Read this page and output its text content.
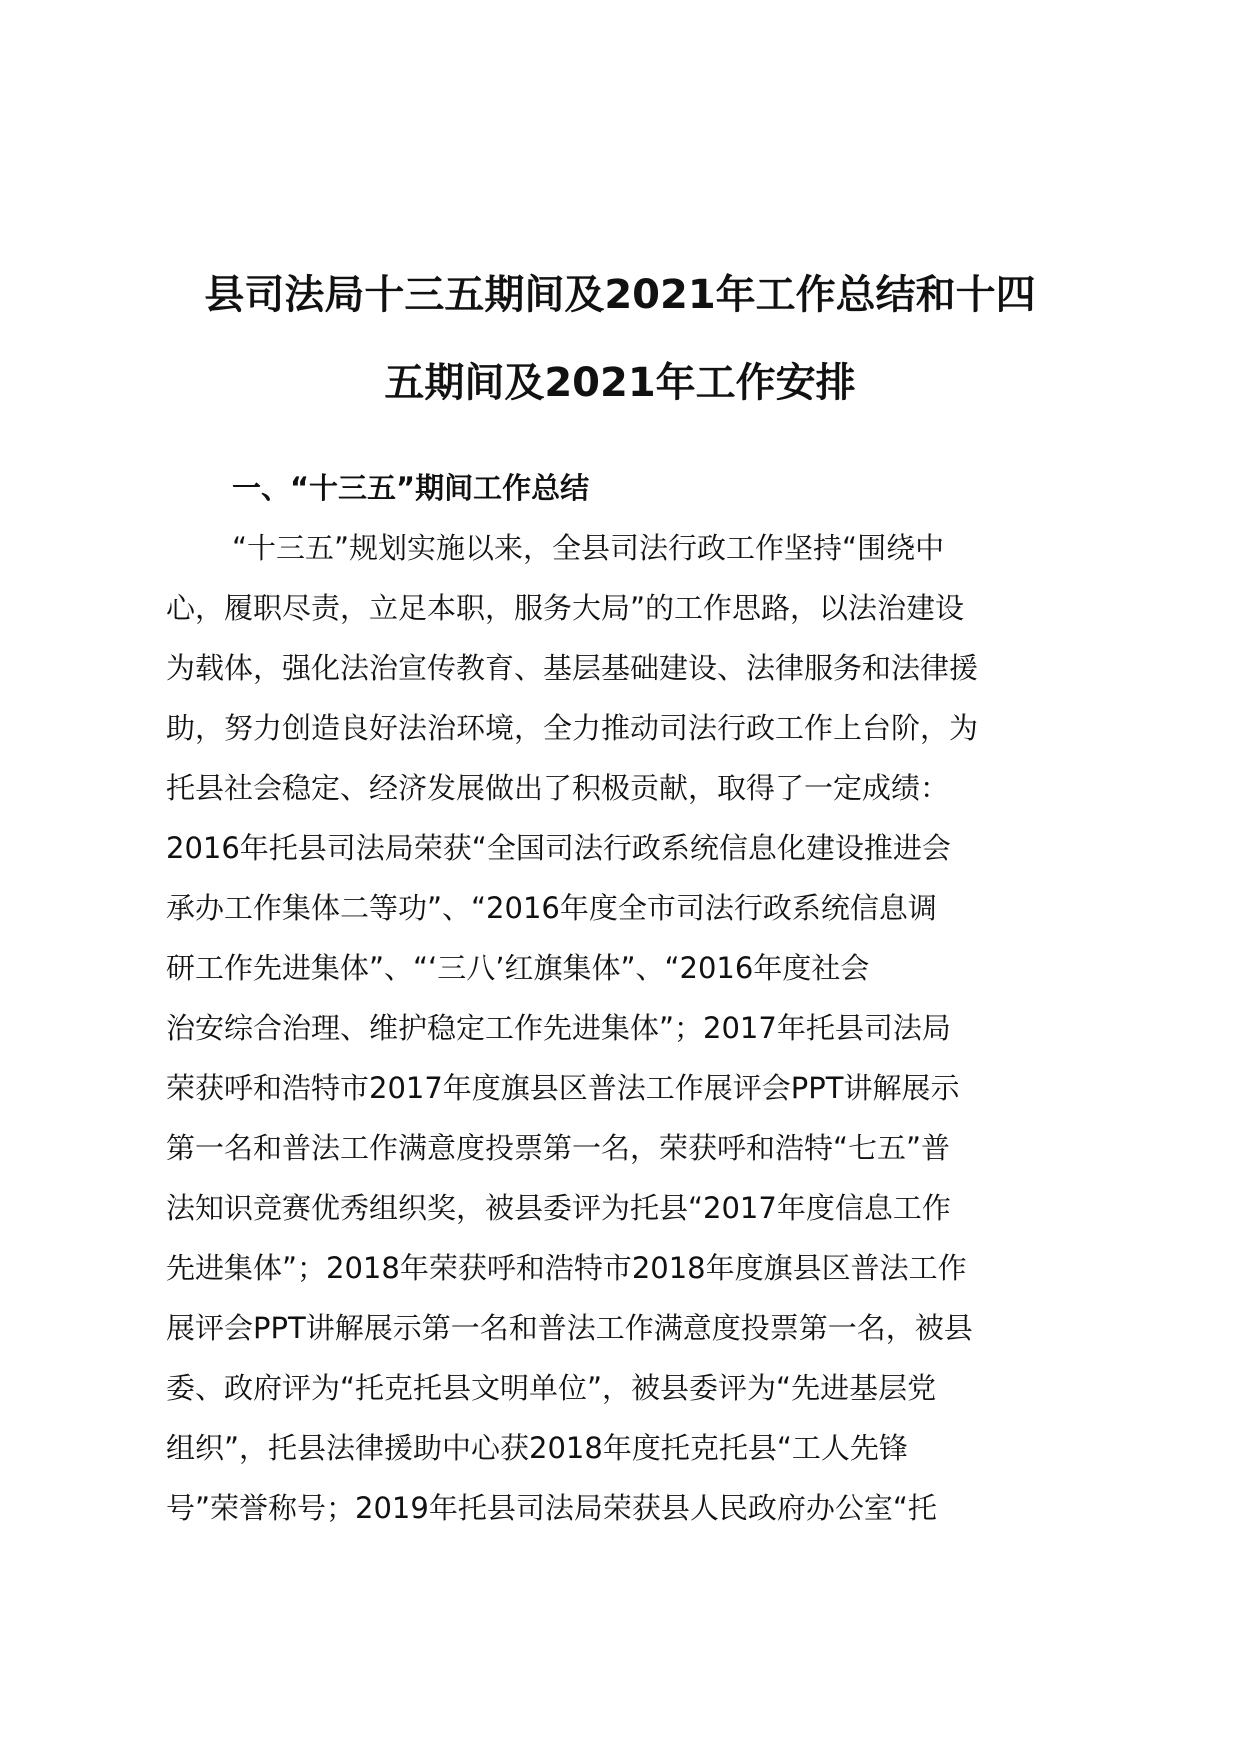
县司法局十三五期间及2021年工作总结和十四
五期间及2021年工作安排
一、“十三五”期间工作总结

“十三五”规划实施以来，全县司法行政工作坚持“围绕中

心，履职尽责，立足本职，服务大局”的工作思路，以法治建设

为载体，强化法治宣传教育、基层基础建设、法律服务和法律援

助，努力创造良好法治环境，全力推动司法行政工作上台阶，为

托县社会稳定、经济发展做出了积极贡献，取得了一定成绩：

2016年托县司法局荣获“全国司法行政系统信息化建设推进会

承办工作集体二等功”、“2016年度全市司法行政系统信息调

研工作先进集体”、“‘三八’红旗集体”、“2016年度社会

治安综合治理、维护稳定工作先进集体”；2017年托县司法局

荣获呼和浩特市2017年度旗县区普法工作展评会PPT讲解展示

第一名和普法工作满意度投票第一名，荣获呼和浩特“七五”普

法知识竞赛优秀组织奖，被县委评为托县“2017年度信息工作

先进集体”；2018年荣获呼和浩特市2018年度旗县区普法工作

展评会PPT讲解展示第一名和普法工作满意度投票第一名，被县

委、政府评为“托克托县文明单位”，被县委评为“先进基层党

组织”，托县法律援助中心获2018年度托克托县“工人先锋

号”荣誉称号；2019年托县司法局荣获县人民政府办公室“托
